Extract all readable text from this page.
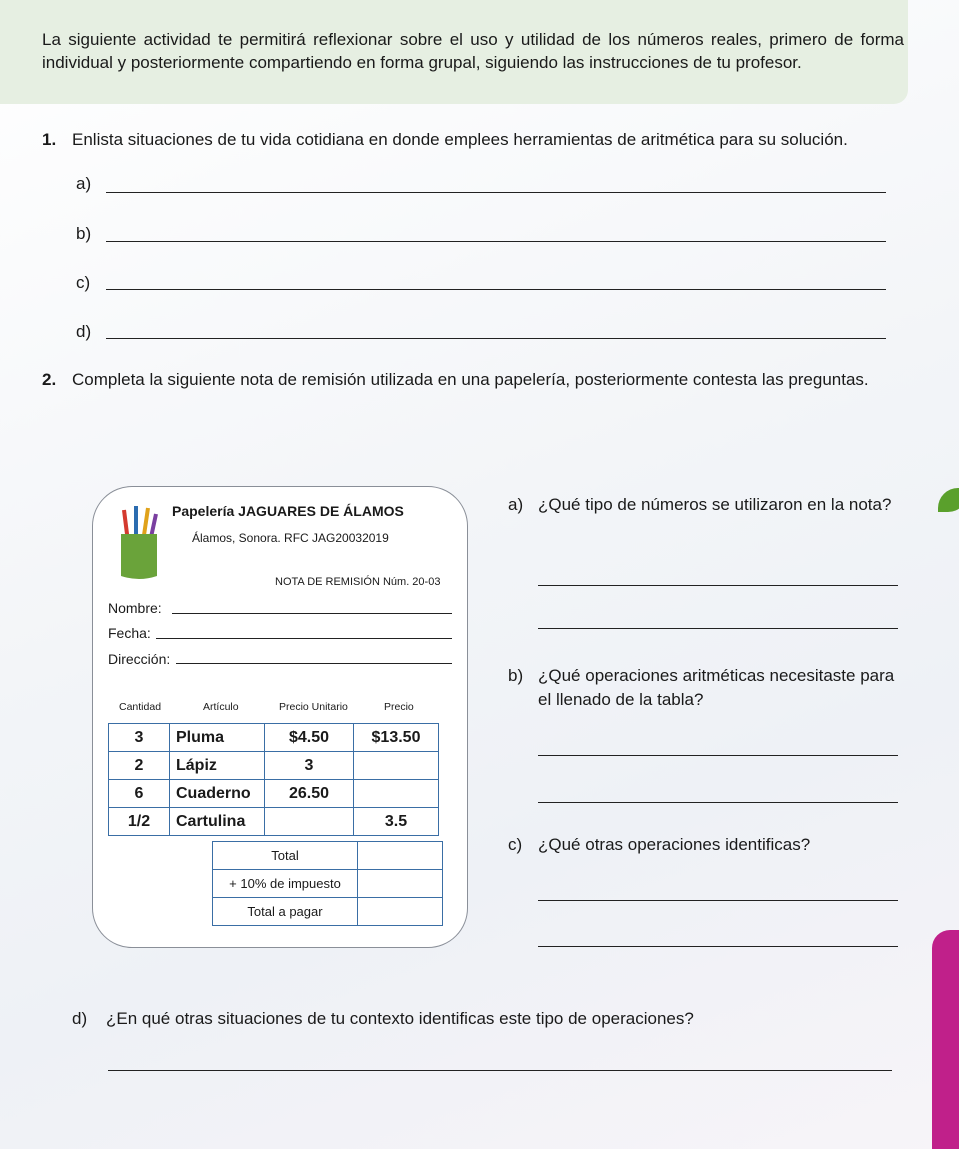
La siguiente actividad te permitirá reflexionar sobre el uso y utilidad de los números reales, primero de forma individual y posteriormente compartiendo en forma grupal, siguiendo las instrucciones de tu profesor.

1. Enlista situaciones de tu vida cotidiana en donde emplees herramientas de aritmética para su solución.
a)
b)
c)
d)
2. Completa la siguiente nota de remisión utilizada en una papelería, posteriormente contesta las preguntas.
Papelería JAGUARES DE ÁLAMOS
Álamos, Sonora. RFC JAG20032019
NOTA DE REMISIÓN Núm. 20-03
Nombre:
Fecha:
Dirección:
Cantidad	Artículo	Precio Unitario	Precio
3	Pluma	$4.50	$13.50
2	Lápiz	3	
6	Cuaderno	26.50	
1/2	Cartulina		3.5
Total	
+ 10% de impuesto	
Total a pagar	
a) ¿Qué tipo de números se utilizaron en la nota?
b) ¿Qué operaciones aritméticas necesitaste para el llenado de la tabla?
c) ¿Qué otras operaciones identificas?
d) ¿En qué otras situaciones de tu contexto identificas este tipo de operaciones?
